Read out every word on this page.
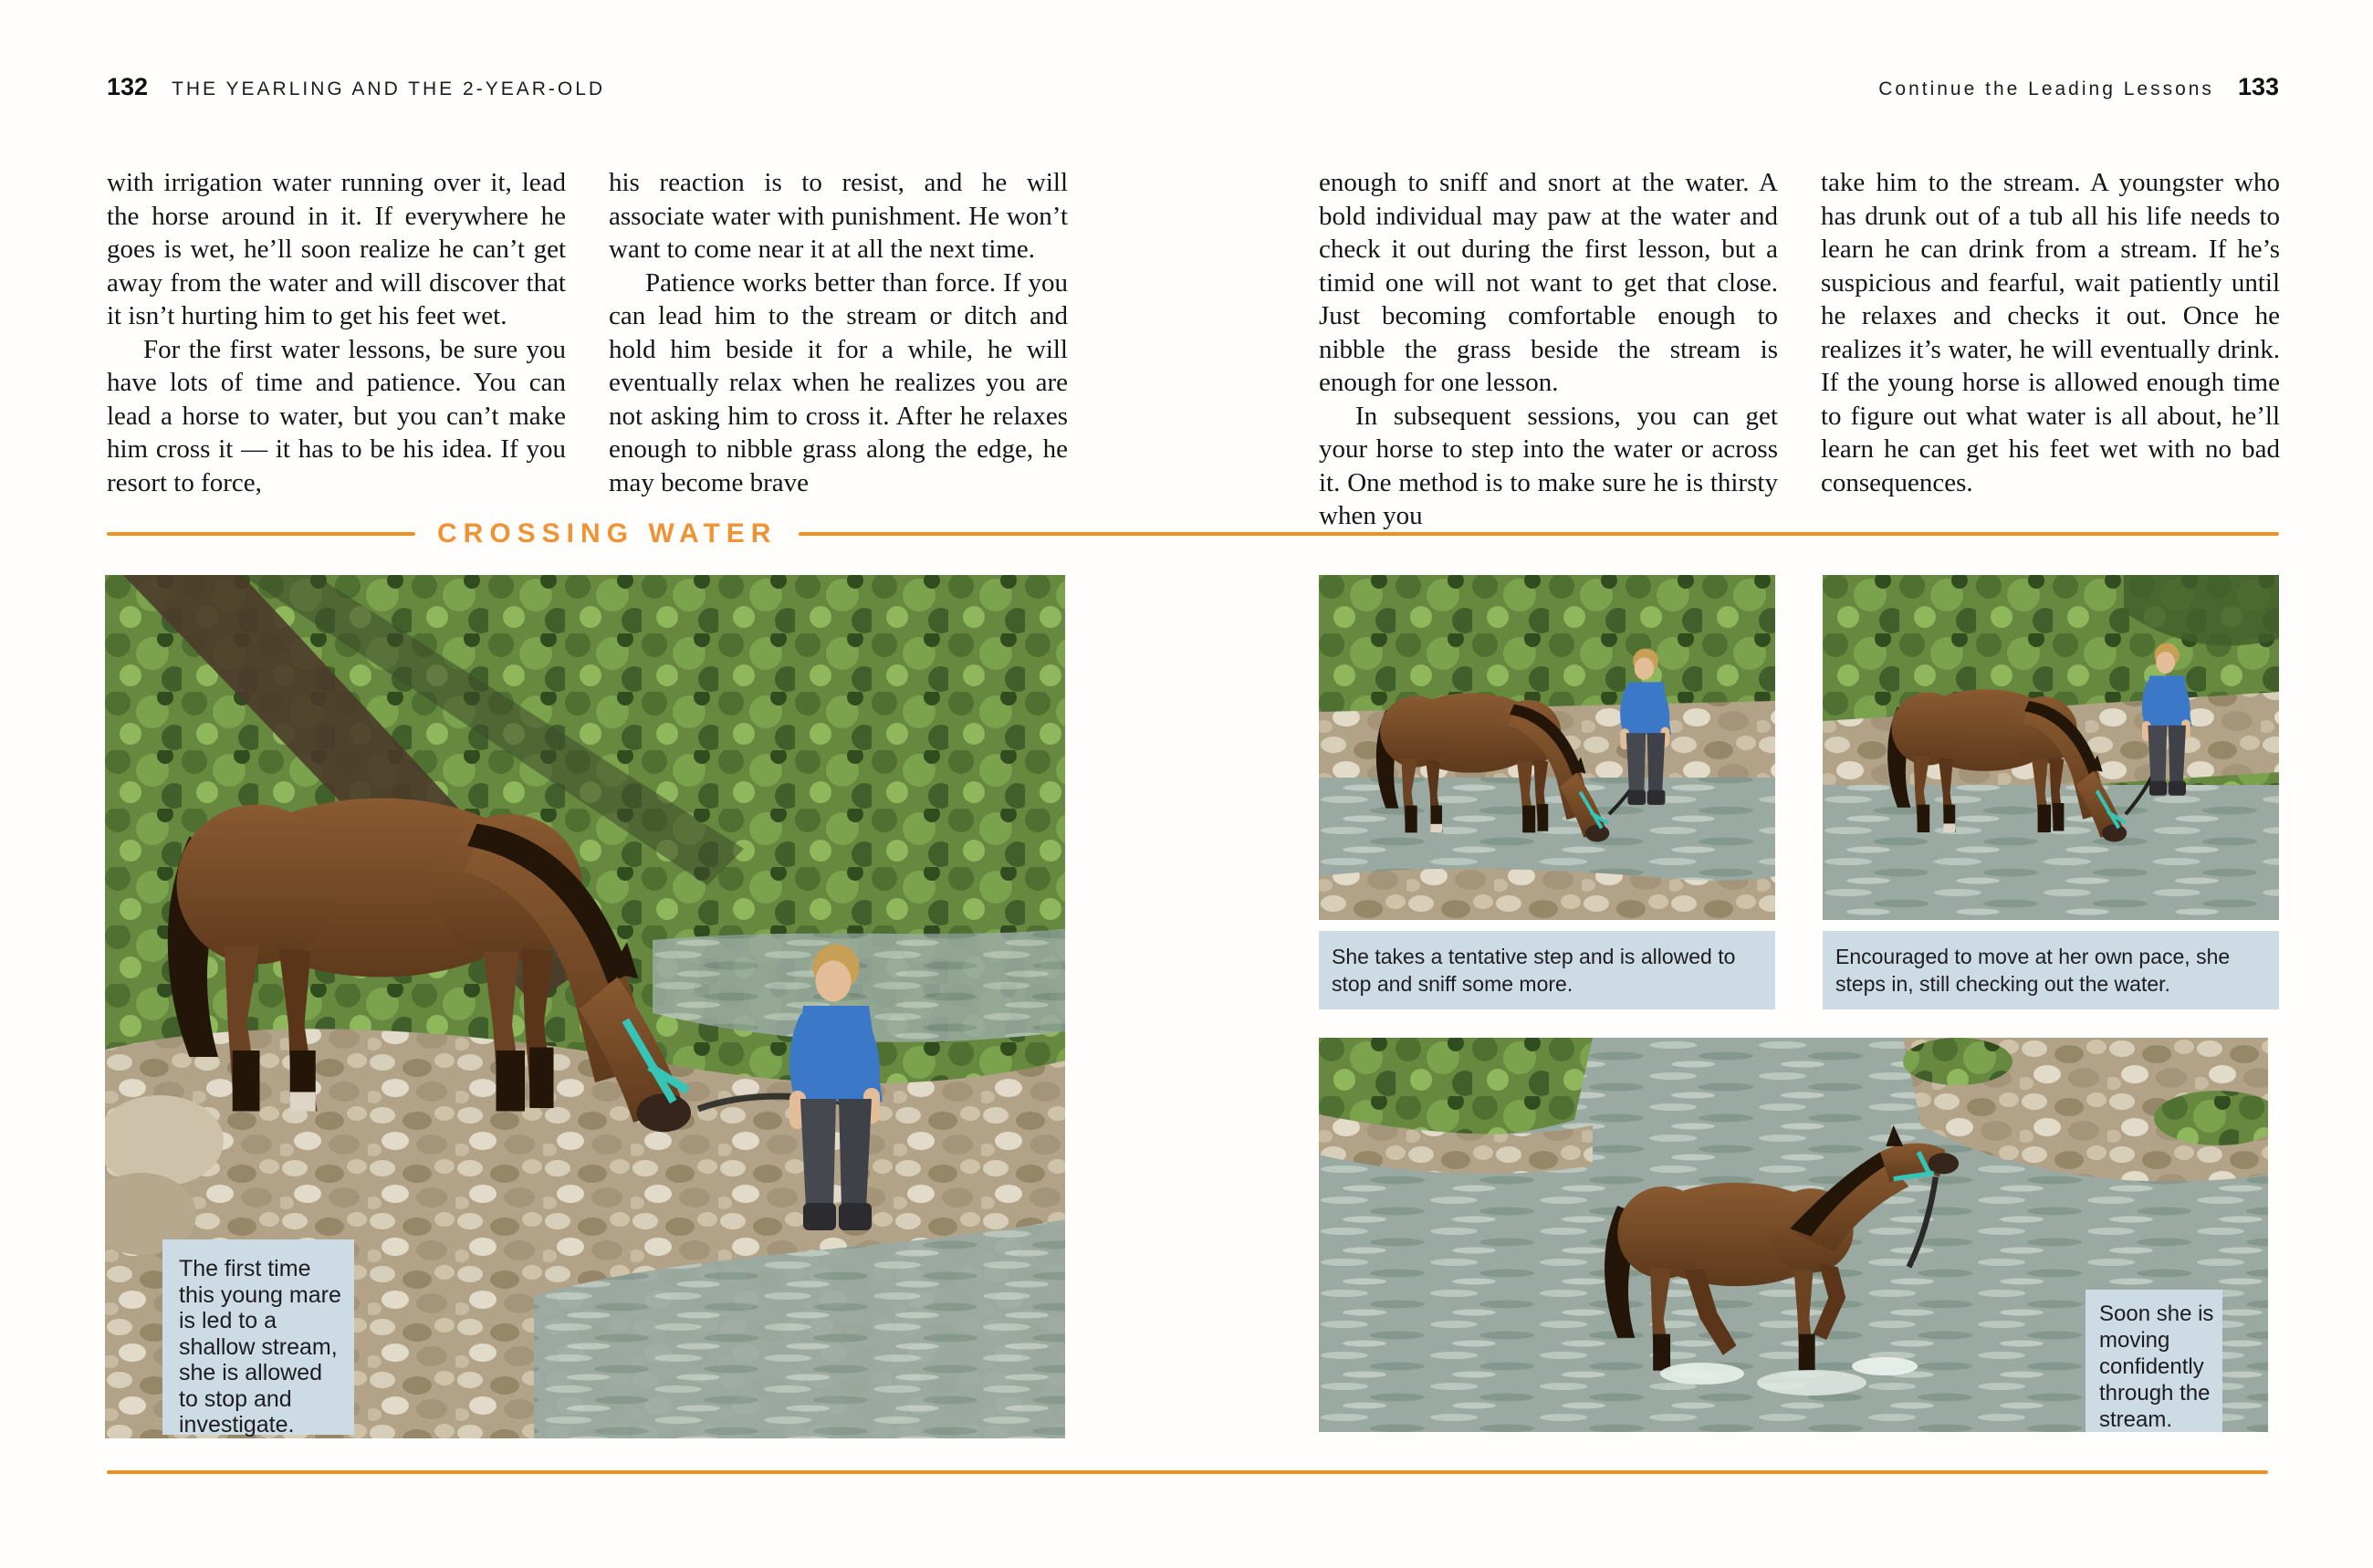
132 THE YEARLING AND THE 2-YEAR-OLD	Continue the Leading Lessons 133

with irrigation water running over it, lead the horse around in it. If everywhere he goes is wet, he’ll soon realize he can’t get away from the water and will discover that it isn’t hurting him to get his feet wet.

For the first water lessons, be sure you have lots of time and patience. You can lead a horse to water, but you can’t make him cross it — it has to be his idea. If you resort to force,

his reaction is to resist, and he will associate water with punishment. He won’t want to come near it at all the next time.

Patience works better than force. If you can lead him to the stream or ditch and hold him beside it for a while, he will eventually relax when he realizes you are not asking him to cross it. After he relaxes enough to nibble grass along the edge, he may become brave

enough to sniff and snort at the water. A bold individual may paw at the water and check it out during the first lesson, but a timid one will not want to get that close. Just becoming comfortable enough to nibble the grass beside the stream is enough for one lesson.

In subsequent sessions, you can get your horse to step into the water or across it. One method is to make sure he is thirsty when you

take him to the stream. A youngster who has drunk out of a tub all his life needs to learn he can drink from a stream. If he’s suspicious and fearful, wait patiently until he relaxes and checks it out. Once he realizes it’s water, he will eventually drink. If the young horse is allowed enough time to figure out what water is all about, he’ll learn he can get his feet wet with no bad consequences.

CROSSING WATER
The first time this young mare is led to a shallow stream, she is allowed to stop and investigate.
She takes a tentative step and is allowed to stop and sniff some more.
Encouraged to move at her own pace, she steps in, still checking out the water.
Soon she is moving confidently through the stream.
